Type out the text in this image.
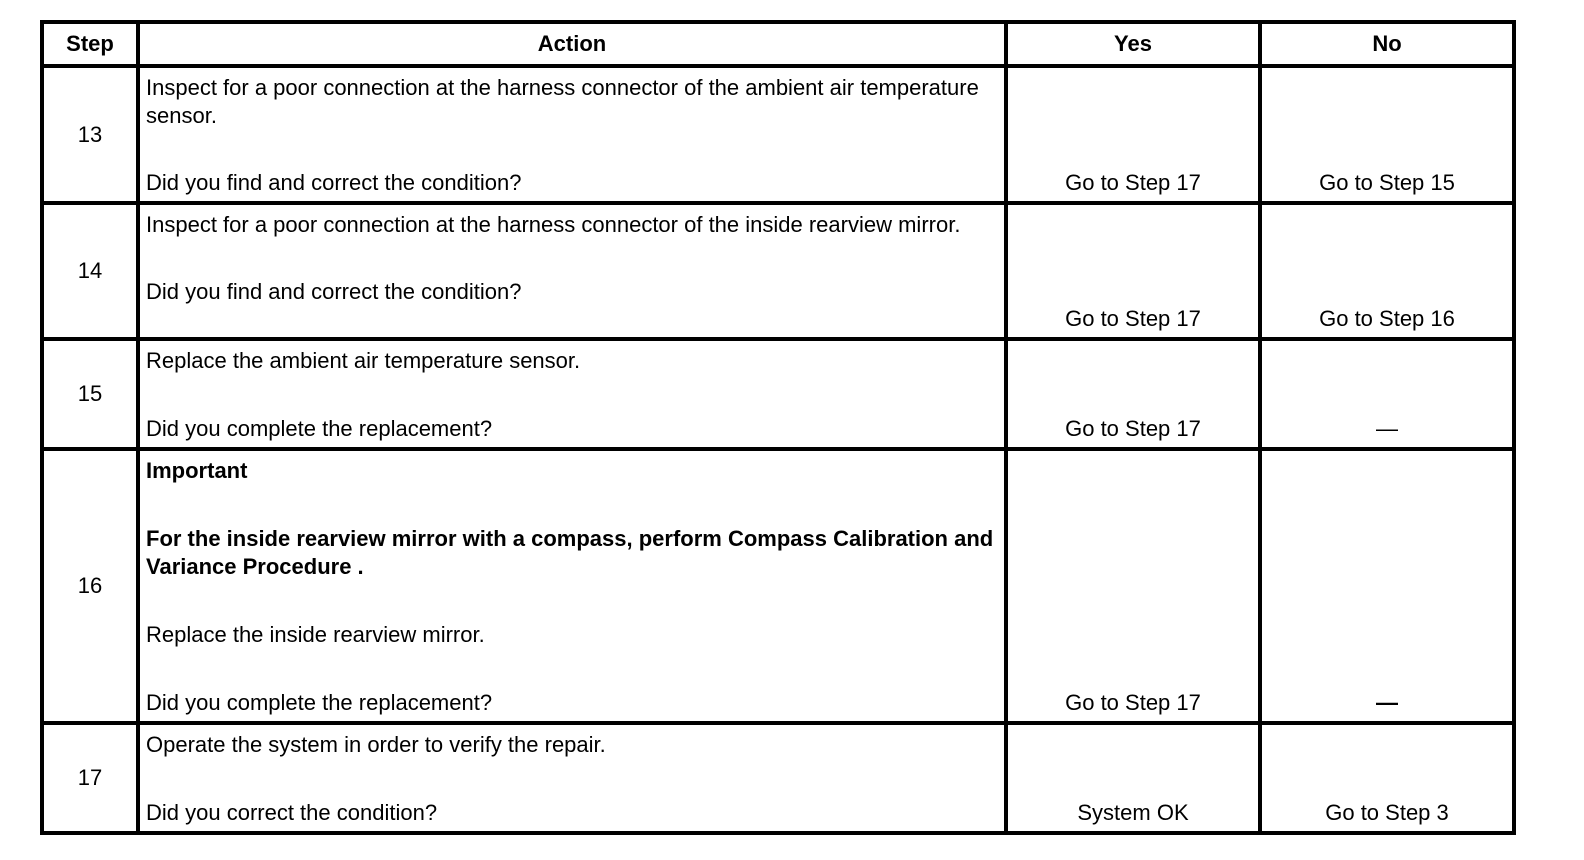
Step	Action	Yes	No
13	Inspect for a poor connection at the harness connector of the ambient air temperature sensor.

Did you find and correct the condition?	Go to Step 17	Go to Step 15
14	Inspect for a poor connection at the harness connector of the inside rearview mirror.

Did you find and correct the condition?	Go to Step 17	Go to Step 16
15	Replace the ambient air temperature sensor.

Did you complete the replacement?	Go to Step 17	—
16	Important

For the inside rearview mirror with a compass, perform Compass Calibration and Variance Procedure .

Replace the inside rearview mirror.

Did you complete the replacement?	Go to Step 17	—
17	Operate the system in order to verify the repair.

Did you correct the condition?	System OK	Go to Step 3
